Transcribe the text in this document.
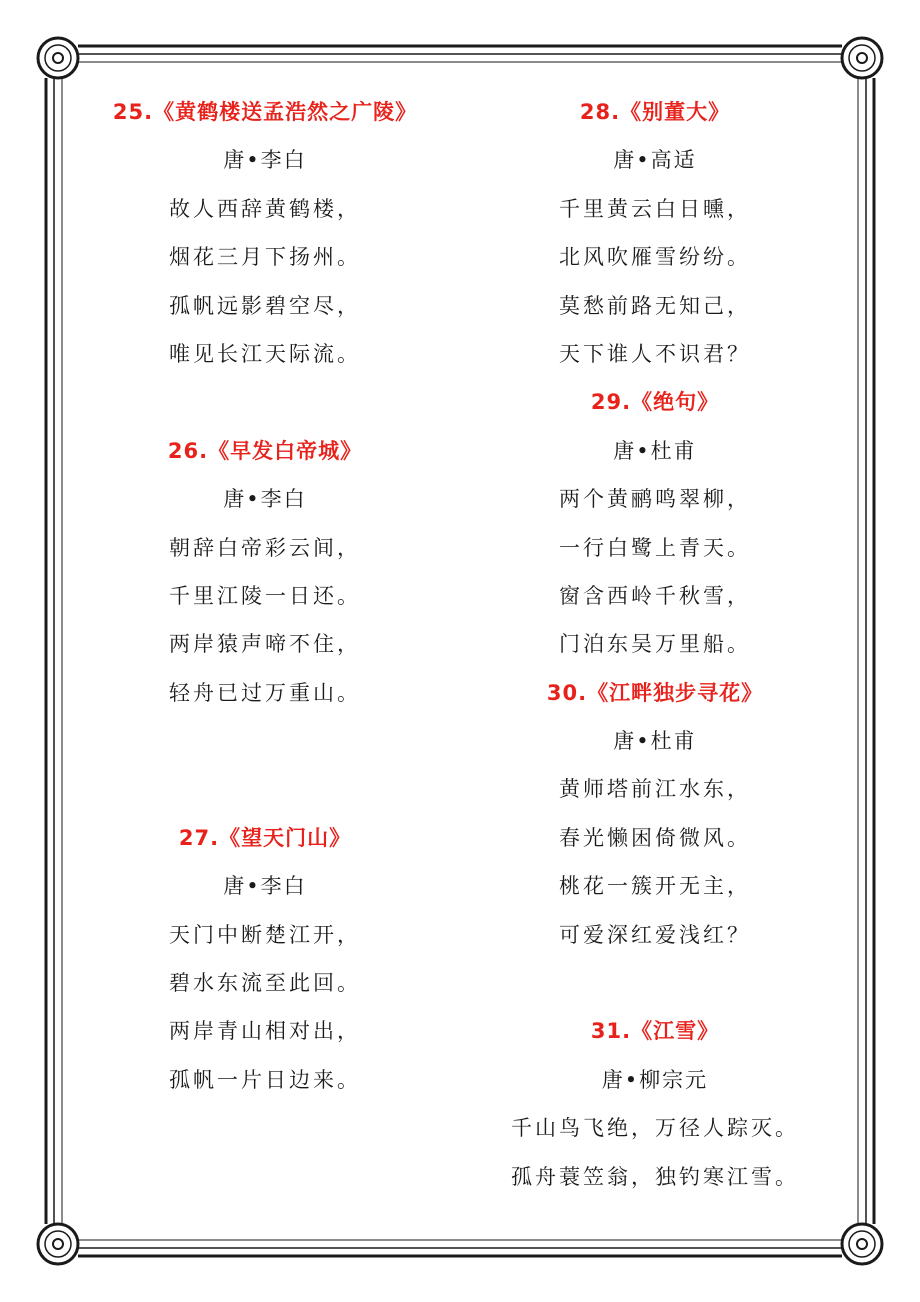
25.《黄鹤楼送孟浩然之广陵》
唐•李白
故人西辞黄鹤楼，
烟花三月下扬州。
孤帆远影碧空尽，
唯见长江天际流。
26.《早发白帝城》
唐•李白
朝辞白帝彩云间，
千里江陵一日还。
两岸猿声啼不住，
轻舟已过万重山。
27.《望天门山》
唐•李白
天门中断楚江开，
碧水东流至此回。
两岸青山相对出，
孤帆一片日边来。
28.《别董大》
唐•高适
千里黄云白日曛，
北风吹雁雪纷纷。
莫愁前路无知己，
天下谁人不识君？
29.《绝句》
唐•杜甫
两个黄鹂鸣翠柳，
一行白鹭上青天。
窗含西岭千秋雪，
门泊东吴万里船。
30.《江畔独步寻花》
唐•杜甫
黄师塔前江水东，
春光懒困倚微风。
桃花一簇开无主，
可爱深红爱浅红？
31.《江雪》
唐•柳宗元
千山鸟飞绝，万径人踪灭。
孤舟蓑笠翁，独钓寒江雪。
